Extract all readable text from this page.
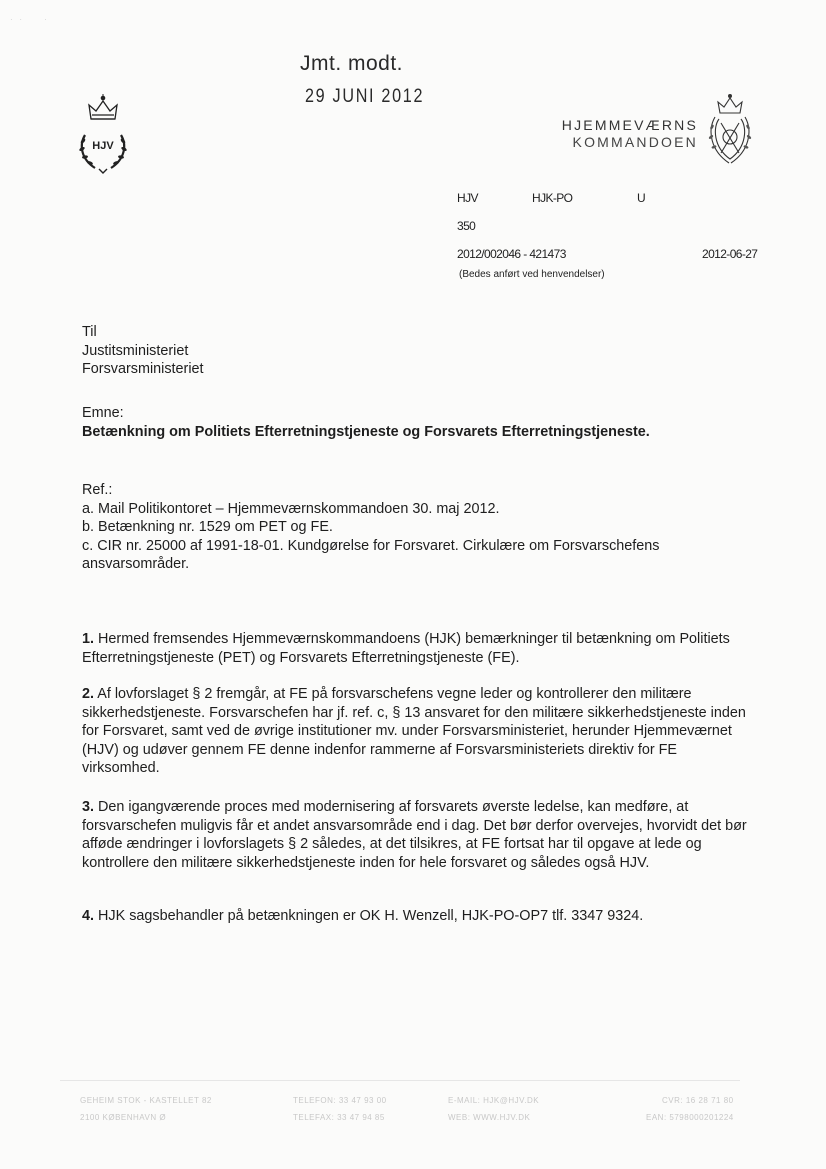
·   ·          ·
Jmt. modt.
29 JUNI 2012
HJV
HJEMMEVÆRNS
KOMMANDOEN
HJV	HJK-PO	U
350
2012/002046 - 421473	2012-06-27
(Bedes anført ved henvendelser)

Til

Justitsministeriet

Forsvarsministeriet

Emne:

Betænkning om Politiets Efterretningstjeneste og Forsvarets Efterretningstjeneste.

Ref.:

a. Mail Politikontoret – Hjemmeværnskommandoen 30. maj 2012.

b. Betænkning nr. 1529 om PET og FE.

c. CIR nr. 25000 af 1991-18-01. Kundgørelse for Forsvaret. Cirkulære om Forsvarschefens ansvarsområder.

1. Hermed fremsendes Hjemmeværnskommandoens (HJK) bemærkninger til betænkning om Politiets Efterretningstjeneste (PET) og Forsvarets Efterretningstjeneste (FE).

2. Af lovforslaget § 2 fremgår, at FE på forsvarschefens vegne leder og kontrollerer den militære sikkerhedstjeneste. Forsvarschefen har jf. ref. c, § 13 ansvaret for den militære sikkerhedstjeneste inden for Forsvaret, samt ved de øvrige institutioner mv. under Forsvarsministeriet, herunder Hjemmeværnet (HJV) og udøver gennem FE denne indenfor rammerne af Forsvarsministeriets direktiv for FE virksomhed.

3. Den igangværende proces med modernisering af forsvarets øverste ledelse, kan medføre, at forsvarschefen muligvis får et andet ansvarsområde end i dag. Det bør derfor overvejes, hvorvidt det bør afføde ændringer i lovforslagets § 2 således, at det tilsikres, at FE fortsat har til opgave at lede og kontrollere den militære sikkerhedstjeneste inden for hele forsvaret og således også HJV.

4. HJK sagsbehandler på betænkningen er OK H. Wenzell, HJK-PO-OP7 tlf. 3347 9324.

GEHEIM STOK - KASTELLET 82
2100 KØBENHAVN Ø
TELEFON: 33 47 93 00
TELEFAX: 33 47 94 85
E-MAIL: HJK@HJV.DK
WEB: WWW.HJV.DK
CVR: 16 28 71 80
EAN: 5798000201224
